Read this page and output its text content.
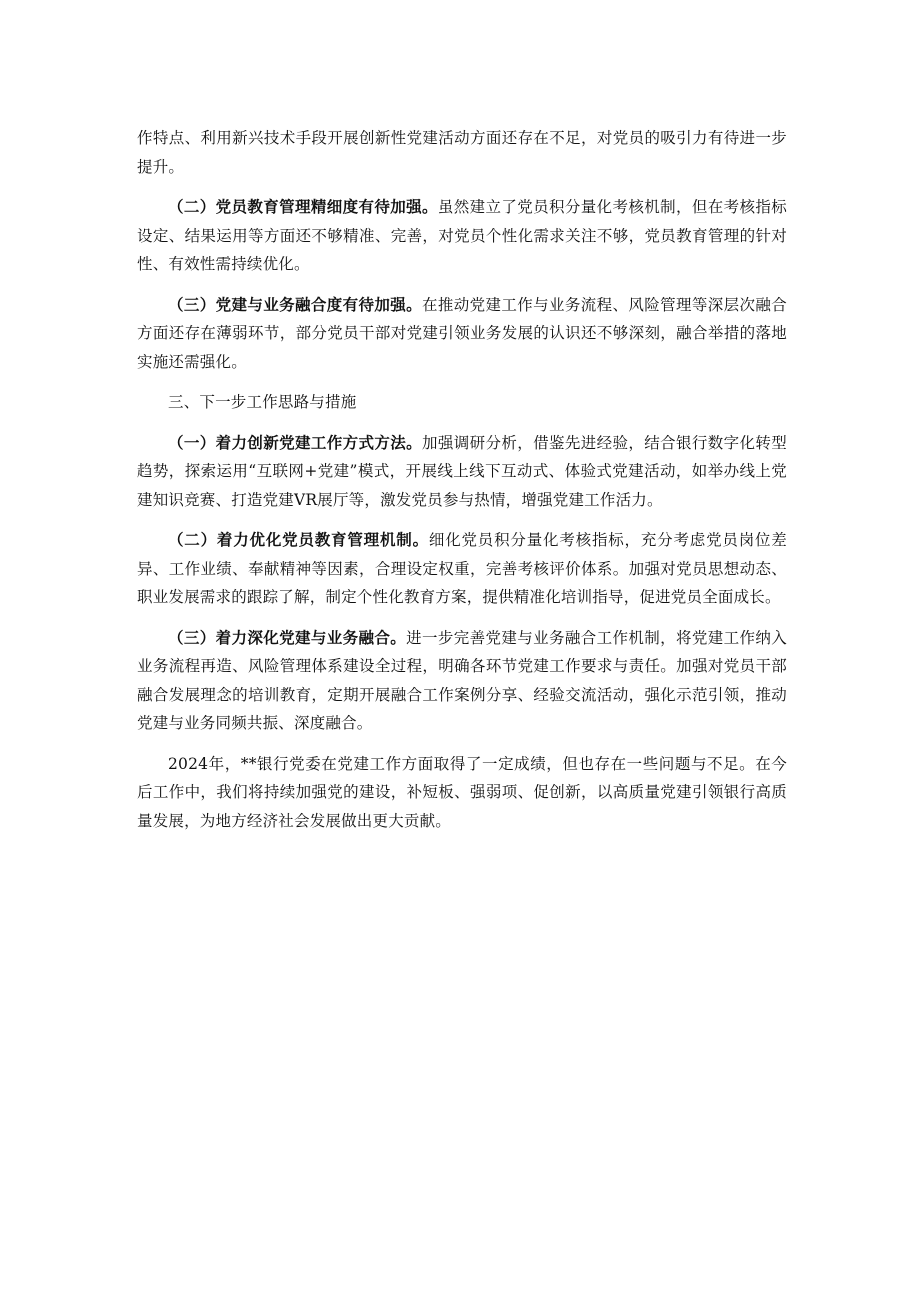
作特点、利用新兴技术手段开展创新性党建活动方面还存在不足，对党员的吸引力有待进一步提升。

（二）党员教育管理精细度有待加强。虽然建立了党员积分量化考核机制，但在考核指标设定、结果运用等方面还不够精准、完善，对党员个性化需求关注不够，党员教育管理的针对性、有效性需持续优化。

（三）党建与业务融合度有待加强。在推动党建工作与业务流程、风险管理等深层次融合方面还存在薄弱环节，部分党员干部对党建引领业务发展的认识还不够深刻，融合举措的落地实施还需强化。

三、下一步工作思路与措施

（一）着力创新党建工作方式方法。加强调研分析，借鉴先进经验，结合银行数字化转型趋势，探索运用“互联网+党建”模式，开展线上线下互动式、体验式党建活动，如举办线上党建知识竞赛、打造党建VR展厅等，激发党员参与热情，增强党建工作活力。

（二）着力优化党员教育管理机制。细化党员积分量化考核指标，充分考虑党员岗位差异、工作业绩、奉献精神等因素，合理设定权重，完善考核评价体系。加强对党员思想动态、职业发展需求的跟踪了解，制定个性化教育方案，提供精准化培训指导，促进党员全面成长。

（三）着力深化党建与业务融合。进一步完善党建与业务融合工作机制，将党建工作纳入业务流程再造、风险管理体系建设全过程，明确各环节党建工作要求与责任。加强对党员干部融合发展理念的培训教育，定期开展融合工作案例分享、经验交流活动，强化示范引领，推动党建与业务同频共振、深度融合。

2024年，**银行党委在党建工作方面取得了一定成绩，但也存在一些问题与不足。在今后工作中，我们将持续加强党的建设，补短板、强弱项、促创新，以高质量党建引领银行高质量发展，为地方经济社会发展做出更大贡献。
